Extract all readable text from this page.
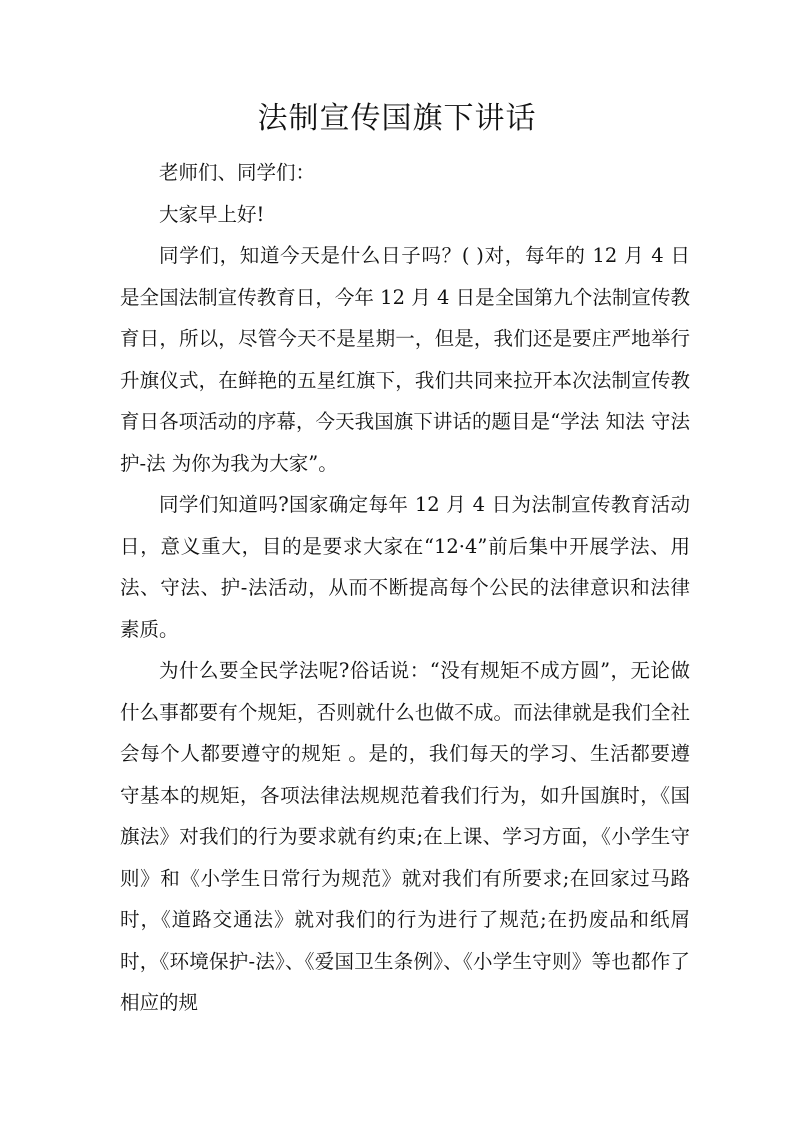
法制宣传国旗下讲话

老师们、同学们：

大家早上好!

同学们，知道今天是什么日子吗？( )对，每年的 12 月 4 日是全国法制宣传教育日，今年 12 月 4 日是全国第九个法制宣传教育日，所以，尽管今天不是星期一，但是，我们还是要庄严地举行升旗仪式，在鲜艳的五星红旗下，我们共同来拉开本次法制宣传教育日各项活动的序幕，今天我国旗下讲话的题目是“学法 知法 守法 护-法 为你为我为大家”。

同学们知道吗?国家确定每年 12 月 4 日为法制宣传教育活动日，意义重大，目的是要求大家在“12·4”前后集中开展学法、用法、守法、护-法活动，从而不断提高每个公民的法律意识和法律素质。

为什么要全民学法呢?俗话说：“没有规矩不成方圆”，无论做什么事都要有个规矩，否则就什么也做不成。而法律就是我们全社会每个人都要遵守的规矩 。是的，我们每天的学习、生活都要遵守基本的规矩，各项法律法规规范着我们行为，如升国旗时，《国旗法》对我们的行为要求就有约束;在上课、学习方面，《小学生守则》和《小学生日常行为规范》就对我们有所要求;在回家过马路时，《道路交通法》就对我们的行为进行了规范;在扔废品和纸屑时，《环境保护-法》、《爱国卫生条例》、《小学生守则》等也都作了相应的规
